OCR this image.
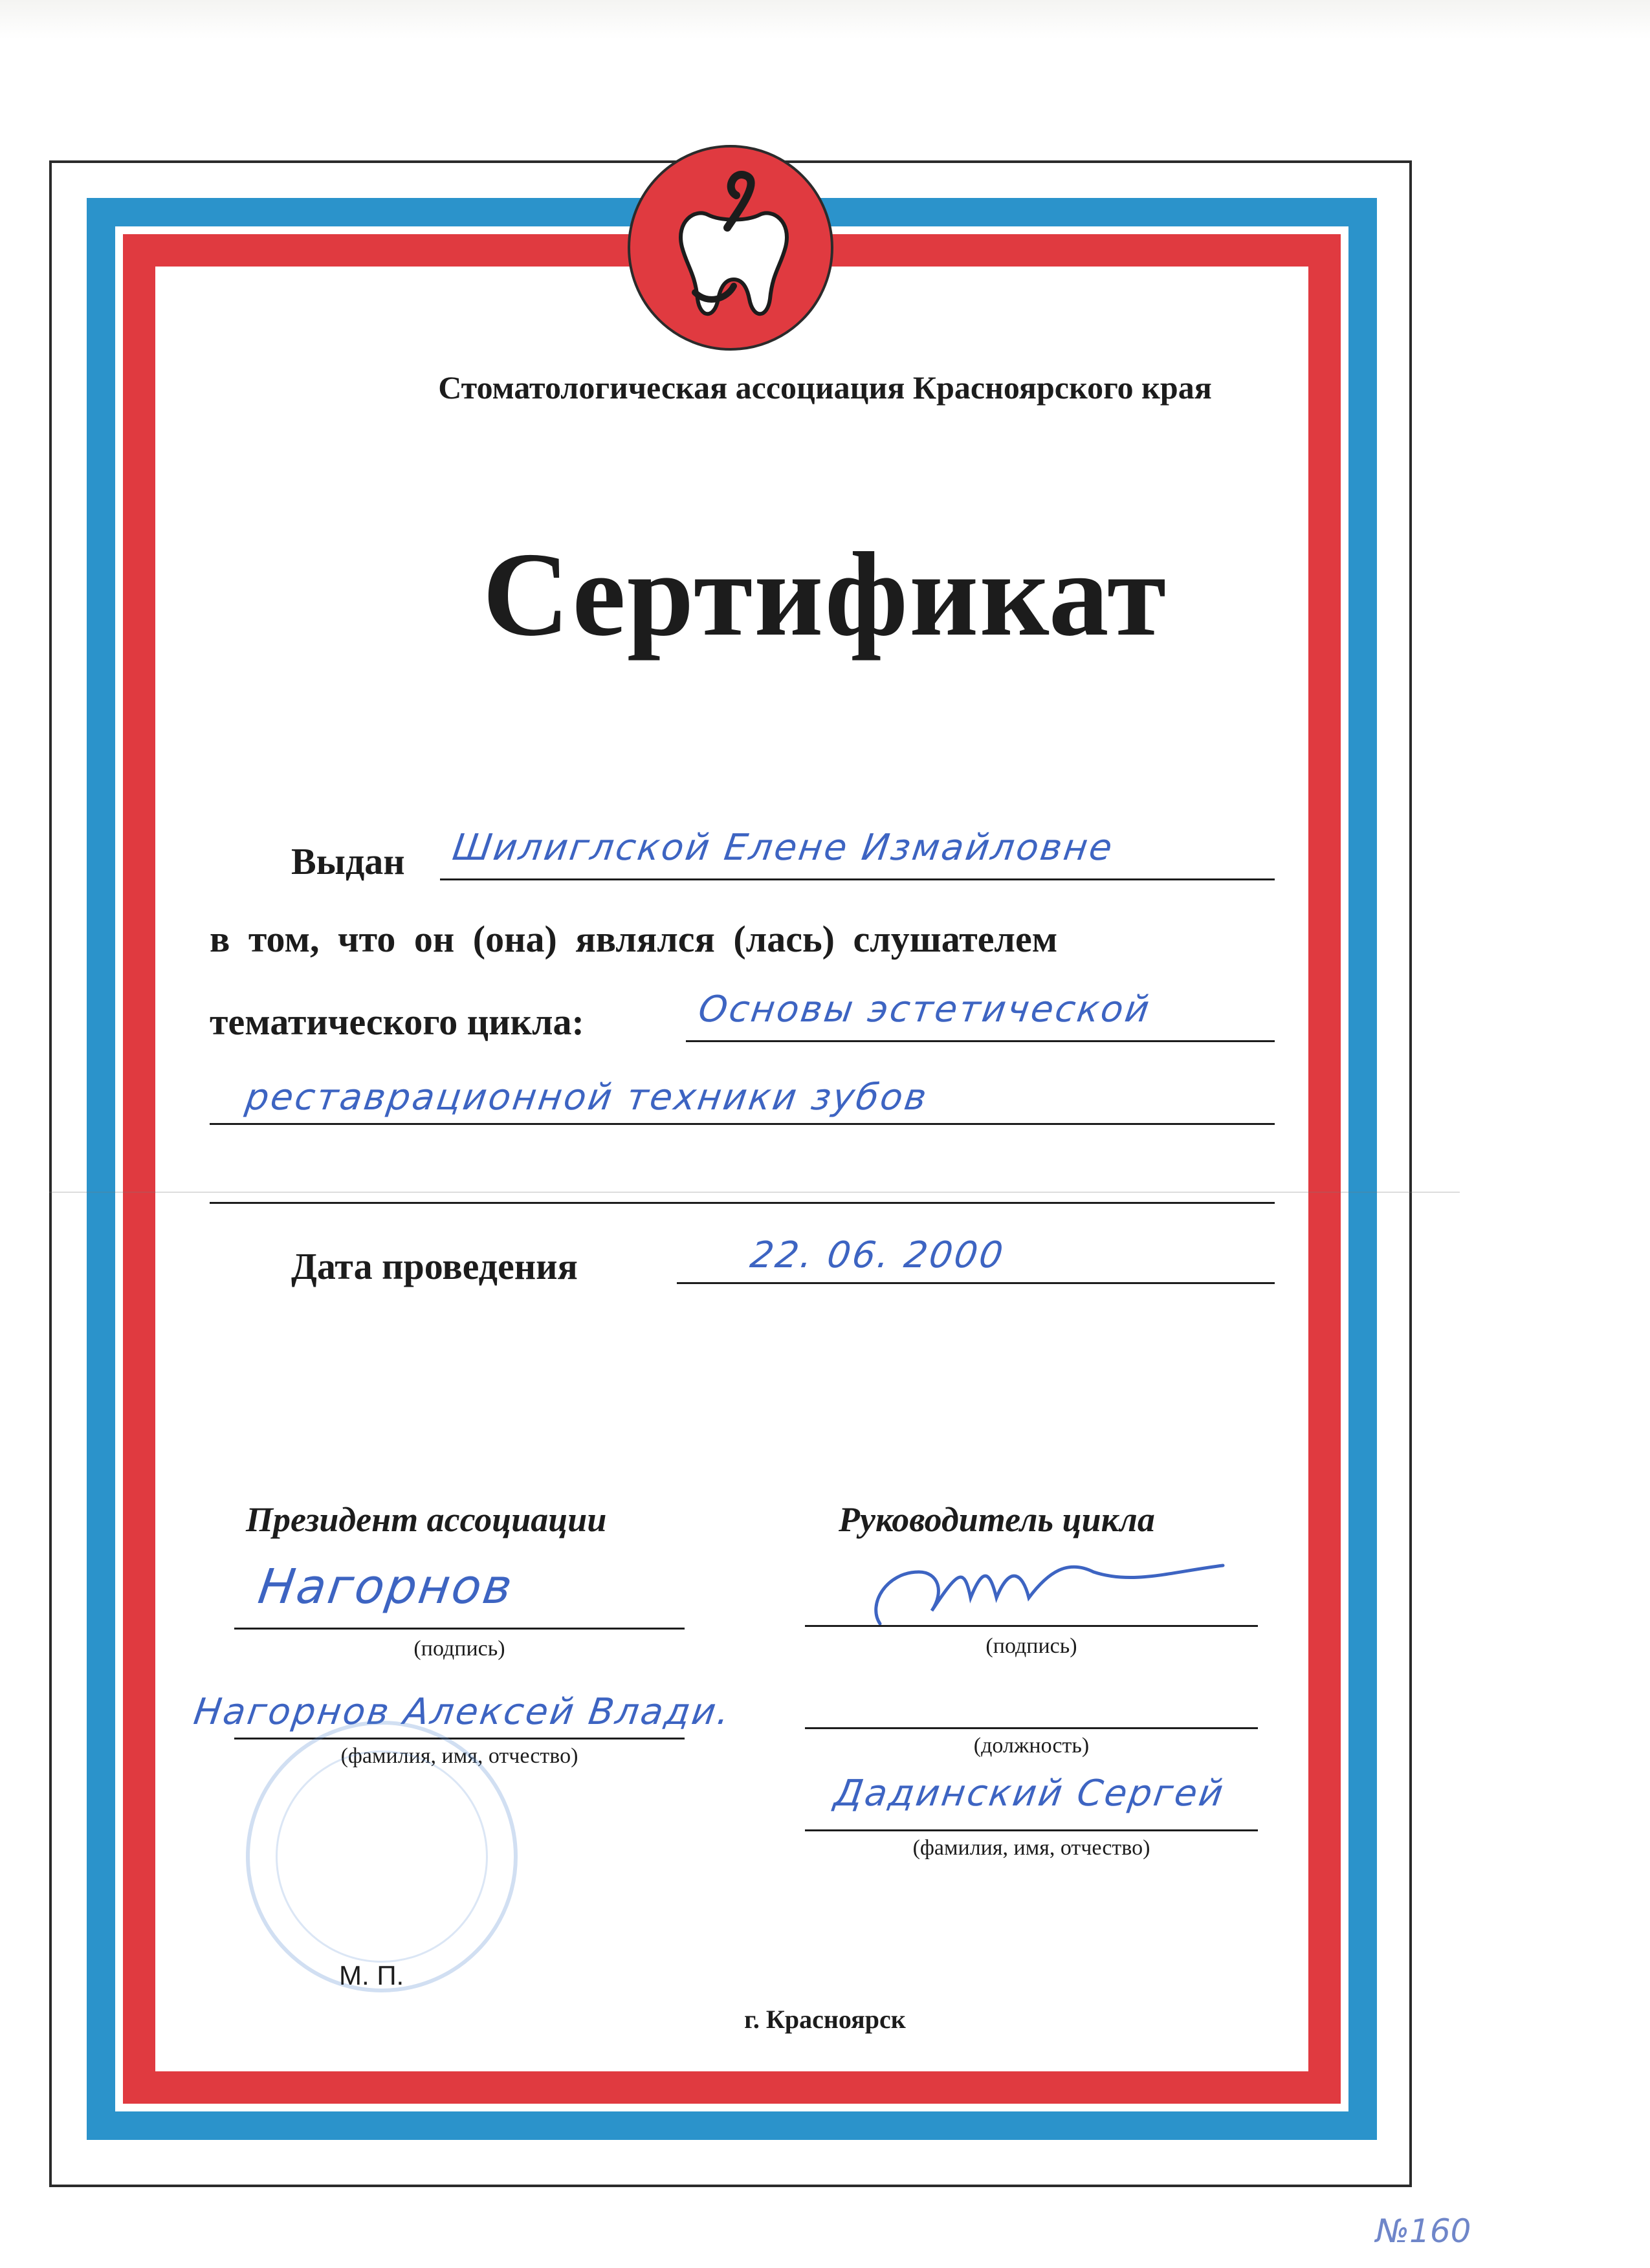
Стоматологическая ассоциация Красноярского края
Сертификат
Выдан Шилиглской Елене Измайловне
в том, что он (она) являлся (лась) слушателем
тематического цикла:	Основы эстетической
реставрационной техники зубов
Дата проведения	22. 06. 2000
Президент ассоциации
Нагорнов
(подпись)
Нагорнов Алексей Влади.
(фамилия, имя, отчество)
Руководитель цикла
(подпись)
(должность)
Дадинский Сергей
(фамилия, имя, отчество)
М. П.
г. Красноярск
№160
